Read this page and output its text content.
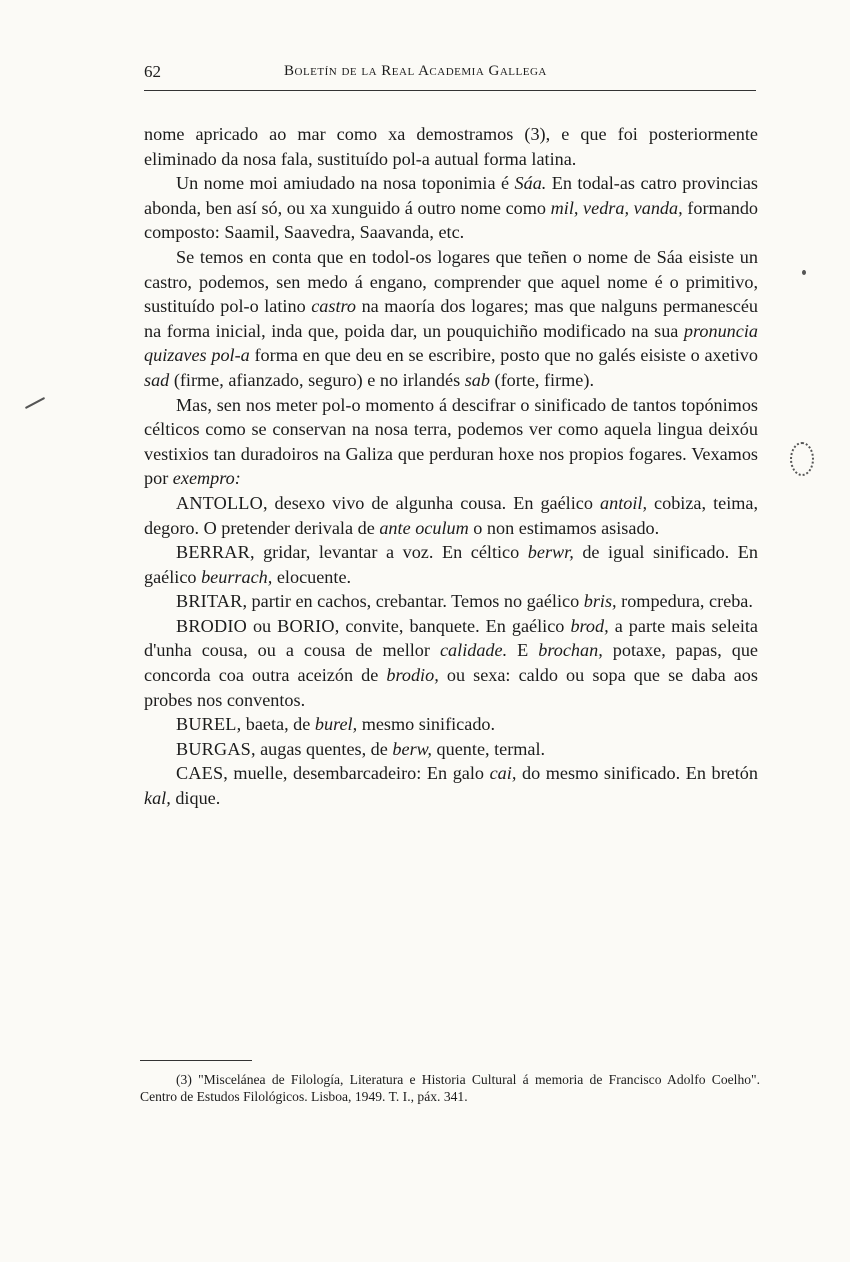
62	Boletín de la Real Academia Gallega

nome apricado ao mar como xa demostramos (3), e que foi posteriormente eliminado da nosa fala, sustituído pol-a autual forma latina.

Un nome moi amiudado na nosa toponimia é Sáa. En todal-as catro provincias abonda, ben así só, ou xa xunguido á outro nome como mil, vedra, vanda, formando composto: Saamil, Saavedra, Saavanda, etc.

Se temos en conta que en todol-os logares que teñen o nome de Sáa eisiste un castro, podemos, sen medo á engano, comprender que aquel nome é o primitivo, sustituído pol-o latino castro na maoría dos logares; mas que nalguns permanescéu na forma inicial, inda que, poida dar, un pouquichiño modificado na sua pronuncia quizaves pol-a forma en que deu en se escribire, posto que no galés eisiste o axetivo sad (firme, afianzado, seguro) e no irlandés sab (forte, firme).

Mas, sen nos meter pol-o momento á descifrar o sinificado de tantos topónimos célticos como se conservan na nosa terra, podemos ver como aquela lingua deixóu vestixios tan duradoiros na Galiza que perduran hoxe nos propios fogares. Vexamos por exempro:

ANTOLLO, desexo vivo de algunha cousa. En gaélico antoil, cobiza, teima, degoro. O pretender derivala de ante oculum o non estimamos asisado.

BERRAR, gridar, levantar a voz. En céltico berwr, de igual sinificado. En gaélico beurrach, elocuente.

BRITAR, partir en cachos, crebantar. Temos no gaélico bris, rompedura, creba.

BRODIO ou BORIO, convite, banquete. En gaélico brod, a parte mais seleita d'unha cousa, ou a cousa de mellor calidade. E brochan, potaxe, papas, que concorda coa outra aceizón de brodio, ou sexa: caldo ou sopa que se daba aos probes nos conventos.

BUREL, baeta, de burel, mesmo sinificado.

BURGAS, augas quentes, de berw, quente, termal.

CAES, muelle, desembarcadeiro: En galo cai, do mesmo sinificado. En bretón kal, dique.

(3) "Miscelánea de Filología, Literatura e Historia Cultural á memoria de Francisco Adolfo Coelho". Centro de Estudos Filológicos. Lisboa, 1949. T. I., páx. 341.
